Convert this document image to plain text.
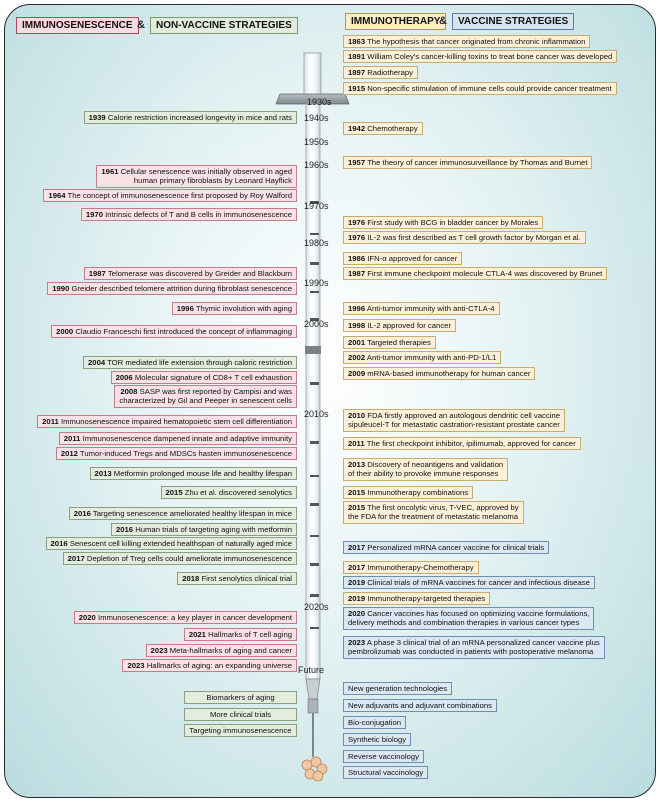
IMMUNOSENESCENCE &	NON-VACCINE STRATEGIES	IMMUNOTHERAPY
&	VACCINE STRATEGIES
1930s
1940s
1950s
1960s
1970s
1980s
1990s
2000s
2010s
2020s
Future
1939 Calorie restriction increased longevity in mice and rats
1961 Cellular senescence was initially observed in aged
human primary fibroblasts by Leonard Hayflick
1964 The concept of immunosenescence first proposed by Roy Walford
1970 Intrinsic defects of T and B cells in immunosenescence
1987 Telomerase was discovered by Greider and Blackburn
1990 Greider described telomere attrition during fibroblast senescence
1996 Thymic involution with aging
2000 Claudio Franceschi first introduced the concept of inflammaging
2004 TOR mediated life extension through caloric restriction
2006 Molecular signature of CD8+ T cell exhaustion
2008 SASP was first reported by Campisi and was
characterized by Gil and Peeper in senescent cells
2011 Immunosenescence impaired hematopoietic stem cell differentiation
2011 Immunosenescence dampened innate and adaptive immunity
2012 Tumor-induced Tregs and MDSCs hasten immunosenescence
2013 Metformin prolonged mouse life and healthy lifespan
2015 Zhu et al. discovered senolytics
2016 Targeting senescence ameliorated healthy lifespan in mice
2016 Human trials of targeting aging with metformin
2016 Senescent cell killing extended healthspan of naturally aged mice
2017 Depletion of Treg cells could ameliorate immunosenescence
2018 First senolytics clinical trial
2020 Immunosenescence: a key player in cancer development
2021 Hallmarks of T cell aging
2023 Meta-hallmarks of aging and cancer
2023 Hallmarks of aging: an expanding universe
1863 The hypothesis that cancer originated from chronic inflammation
1891 William Coley's cancer-killing toxins to treat bone cancer was developed
1897 Radiotherapy
1915 Non-specific stimulation of immune cells could provide cancer treatment
1942 Chemotherapy
1957 The theory of cancer immunosurveillance by Thomas and Burnet
1976 First study with BCG in bladder cancer by Morales
1976 IL-2 was first described as T cell growth factor by Morgan et al.
1986 IFN-α approved for cancer
1987 First immune checkpoint molecule CTLA-4 was discovered by Brunet
1996 Anti-tumor immunity with anti-CTLA-4
1998 IL-2 approved for cancer
2001 Targeted therapies
2002 Anti-tumor immunity with anti-PD-1/L1
2009 mRNA-based immunotherapy for human cancer
2010 FDA firstly approved an autologous dendritic cell vaccine
sipuleucel-T for metastatic castration-resistant prostate cancer
2011 The first checkpoint inhibitor, ipilimumab, approved for cancer
2013 Discovery of neoantigens and validation
of their ability to provoke immune responses
2015 Immunotherapy combinations
2015 The first oncolytic virus, T-VEC, approved by
the FDA for the treatment of metastatic melanoma
2017 Personalized mRNA cancer vaccine for clinical trials
2017 Immunotherapy-Chemotherapy
2019 Clinical trials of mRNA vaccines for cancer and infectious disease
2019 Immunotherapy-targeted therapies
2020 Cancer vaccines has focused on optimizing vaccine formulations,
delivery methods and combination therapies in various cancer types
2023 A phase 3 clinical trial of an mRNA personalized cancer vaccine plus
pembrolizumab was conducted in patients with postoperative melanoma
Biomarkers of aging
More clinical trials
Targeting immunosenescence
New generation technologies
New adjuvants and adjuvant combinations
Bio-conjugation
Synthetic biology
Reverse vaccinology
Structural vaccinology
